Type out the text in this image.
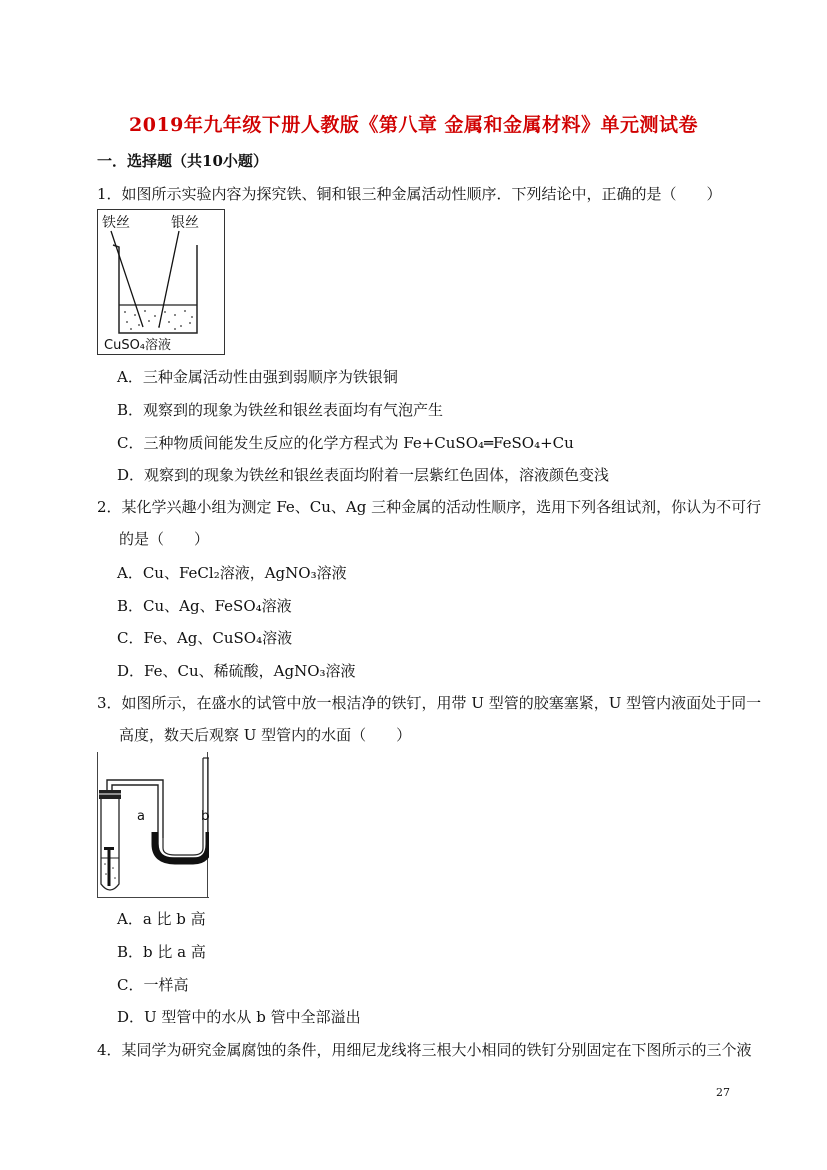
2019年九年级下册人教版《第八章 金属和金属材料》单元测试卷
一．选择题（共10小题）
1．如图所示实验内容为探究铁、铜和银三种金属活动性顺序．下列结论中，正确的是（　　）
铁丝	银丝
CuSO₄溶液
A．三种金属活动性由强到弱顺序为铁银铜
B．观察到的现象为铁丝和银丝表面均有气泡产生
C．三种物质间能发生反应的化学方程式为 Fe+CuSO₄═FeSO₄+Cu
D．观察到的现象为铁丝和银丝表面均附着一层紫红色固体，溶液颜色变浅
2．某化学兴趣小组为测定 Fe、Cu、Ag 三种金属的活动性顺序，选用下列各组试剂，你认为不可行
的是（　　）
A．Cu、FeCl₂溶液，AgNO₃溶液
B．Cu、Ag、FeSO₄溶液
C．Fe、Ag、CuSO₄溶液
D．Fe、Cu、稀硫酸，AgNO₃溶液
3．如图所示，在盛水的试管中放一根洁净的铁钉，用带 U 型管的胶塞塞紧，U 型管内液面处于同一
高度，数天后观察 U 型管内的水面（　　）
a	b
A．a 比 b 高
B．b 比 a 高
C．一样高
D．U 型管中的水从 b 管中全部溢出
4．某同学为研究金属腐蚀的条件，用细尼龙线将三根大小相同的铁钉分别固定在下图所示的三个液
27
